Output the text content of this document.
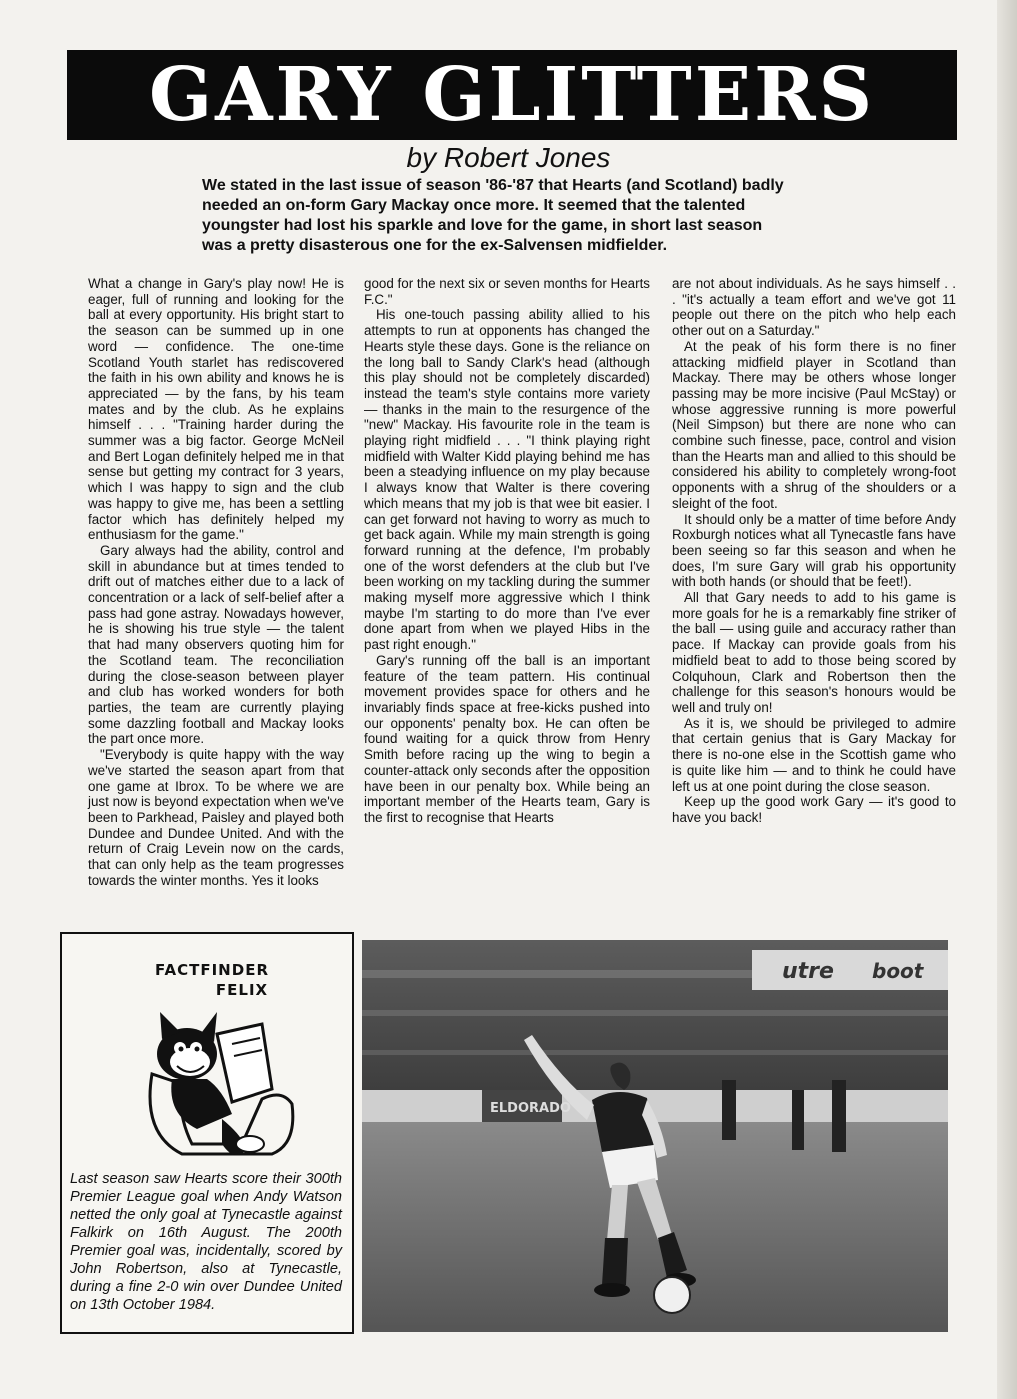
GARY GLITTERS
by Robert Jones
We stated in the last issue of season '86-'87 that Hearts (and Scotland) badly needed an on-form Gary Mackay once more. It seemed that the talented youngster had lost his sparkle and love for the game, in short last season was a pretty disasterous one for the ex-Salvensen midfielder.

What a change in Gary's play now! He is eager, full of running and looking for the ball at every opportunity. His bright start to the season can be summed up in one word — confidence. The one-time Scotland Youth starlet has rediscovered the faith in his own ability and knows he is appreciated — by the fans, by his team mates and by the club. As he explains himself . . . "Training harder during the summer was a big factor. George McNeil and Bert Logan definitely helped me in that sense but getting my contract for 3 years, which I was happy to sign and the club was happy to give me, has been a settling factor which has definitely helped my enthusiasm for the game."

Gary always had the ability, control and skill in abundance but at times tended to drift out of matches either due to a lack of concentration or a lack of self-belief after a pass had gone astray. Nowadays however, he is showing his true style — the talent that had many observers quoting him for the Scotland team. The reconciliation during the close-season between player and club has worked wonders for both parties, the team are currently playing some dazzling football and Mackay looks the part once more.

"Everybody is quite happy with the way we've started the season apart from that one game at Ibrox. To be where we are just now is beyond expectation when we've been to Parkhead, Paisley and played both Dundee and Dundee United. And with the return of Craig Levein now on the cards, that can only help as the team progresses towards the winter months. Yes it looks

good for the next six or seven months for Hearts F.C."

His one-touch passing ability allied to his attempts to run at opponents has changed the Hearts style these days. Gone is the reliance on the long ball to Sandy Clark's head (although this play should not be completely discarded) instead the team's style contains more variety — thanks in the main to the resurgence of the "new" Mackay. His favourite role in the team is playing right midfield . . . "I think playing right midfield with Walter Kidd playing behind me has been a steadying influence on my play because I always know that Walter is there covering which means that my job is that wee bit easier. I can get forward not having to worry as much to get back again. While my main strength is going forward running at the defence, I'm probably one of the worst defenders at the club but I've been working on my tackling during the summer making myself more aggressive which I think maybe I'm starting to do more than I've ever done apart from when we played Hibs in the past right enough."

Gary's running off the ball is an important feature of the team pattern. His continual movement provides space for others and he invariably finds space at free-kicks pushed into our opponents' penalty box. He can often be found waiting for a quick throw from Henry Smith before racing up the wing to begin a counter-attack only seconds after the opposition have been in our penalty box. While being an important member of the Hearts team, Gary is the first to recognise that Hearts

are not about individuals. As he says himself . . . "it's actually a team effort and we've got 11 people out there on the pitch who help each other out on a Saturday."

At the peak of his form there is no finer attacking midfield player in Scotland than Mackay. There may be others whose longer passing may be more incisive (Paul McStay) or whose aggressive running is more powerful (Neil Simpson) but there are none who can combine such finesse, pace, control and vision than the Hearts man and allied to this should be considered his ability to completely wrong-foot opponents with a shrug of the shoulders or a sleight of the foot.

It should only be a matter of time before Andy Roxburgh notices what all Tynecastle fans have been seeing so far this season and when he does, I'm sure Gary will grab his opportunity with both hands (or should that be feet!).

All that Gary needs to add to his game is more goals for he is a remarkably fine striker of the ball — using guile and accuracy rather than pace. If Mackay can provide goals from his midfield beat to add to those being scored by Colquhoun, Clark and Robertson then the challenge for this season's honours would be well and truly on!

As it is, we should be privileged to admire that certain genius that is Gary Mackay for there is no-one else in the Scottish game who is quite like him — and to think he could have left us at one point during the close season.

Keep up the good work Gary — it's good to have you back!

FACTFINDER
FELIX
Last season saw Hearts score their 300th Premier League goal when Andy Watson netted the only goal at Tynecastle against Falkirk on 16th August. The 200th Premier goal was, incidentally, scored by John Robertson, also at Tynecastle, during a fine 2-0 win over Dundee United on 13th October 1984.
utre boot
ELDORADO
